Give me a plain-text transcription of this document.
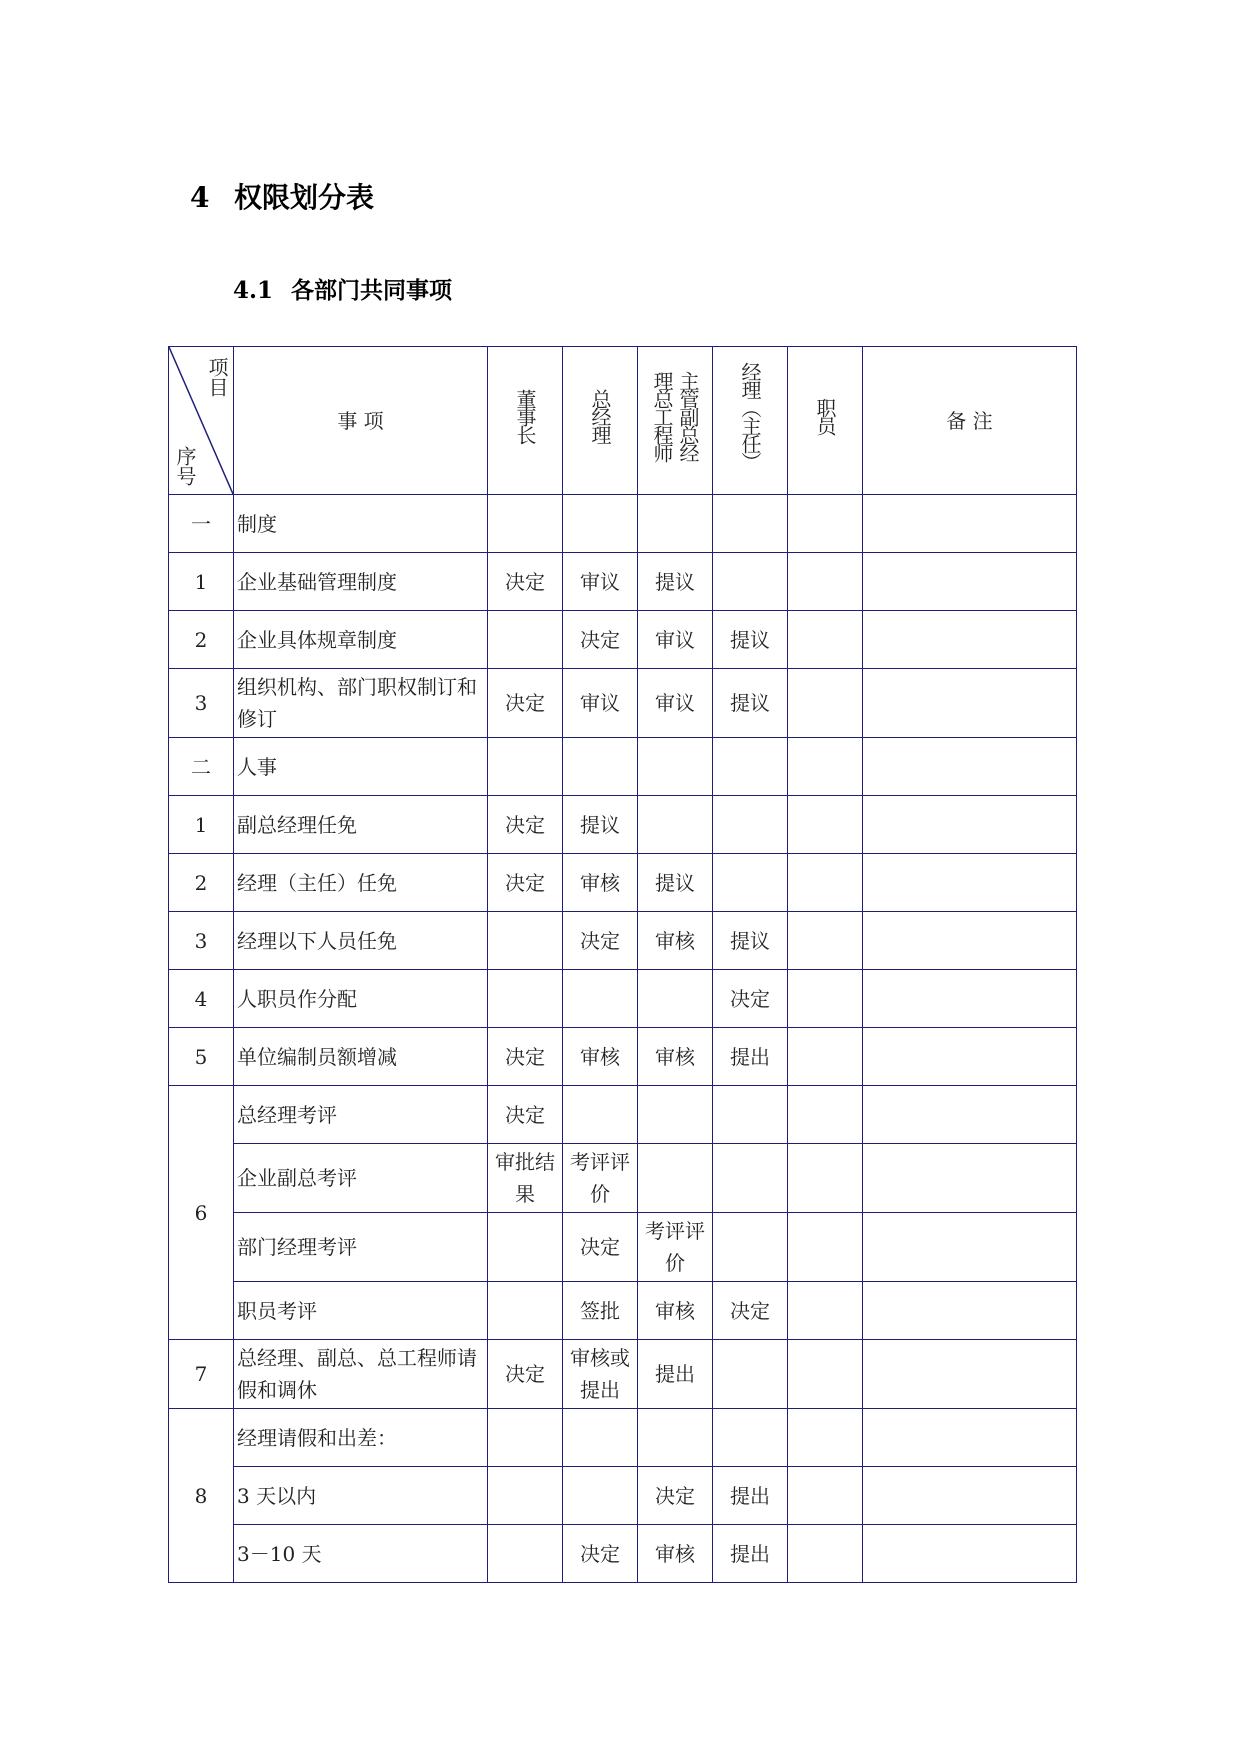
4 权限划分表
4.1 各部门共同事项
项目
序号	事 项	董事长	总经理	理总工程师 主管副总经	经理（主任）	职员	备 注
一	制度						
1	企业基础管理制度	决定	审议	提议			
2	企业具体规章制度		决定	审议	提议		
3	组织机构、部门职权制订和修订	决定	审议	审议	提议		
二	人事						
1	副总经理任免	决定	提议				
2	经理（主任）任免	决定	审核	提议			
3	经理以下人员任免		决定	审核	提议		
4	人职员作分配				决定		
5	单位编制员额增减	决定	审核	审核	提出		
6	总经理考评	决定					
	企业副总考评	审批结果	考评评价				
	部门经理考评		决定	考评评价			
	职员考评		签批	审核	决定		
7	总经理、副总、总工程师请假和调休	决定	审核或提出	提出			
8	经理请假和出差：						
	3 天以内			决定	提出		
	3－10 天		决定	审核	提出		
